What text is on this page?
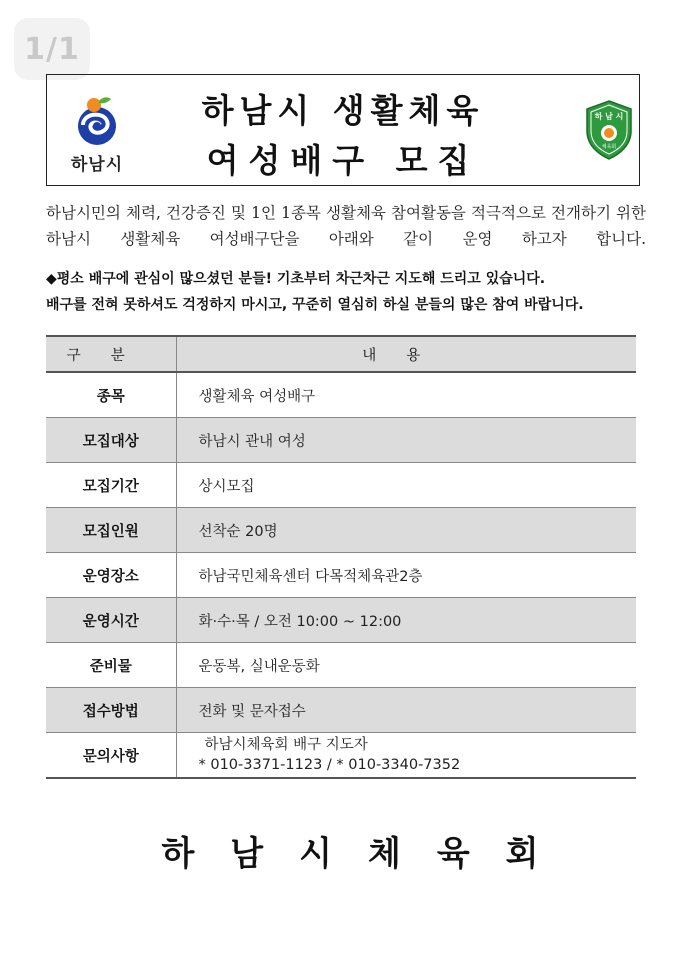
1/1
하남시
하남시 생활체육
여성배구 모집
하 남 시
체육회

하남시민의 체력, 건강증진 및 1인 1종목 생활체육 참여활동을 적극적으로 전개하기 위한 하남시 생활체육 여성배구단을 아래와 같이 운영 하고자 합니다.

◆평소 배구에 관심이 많으셨던 분들! 기초부터 차근차근 지도해 드리고 있습니다.

배구를 전혀 못하셔도 걱정하지 마시고, 꾸준히 열심히 하실 분들의 많은 참여 바랍니다.

구분	내용
종목	생활체육 여성배구
모집대상	하남시 관내 여성
모집기간	상시모집
모집인원	선착순 20명
운영장소	하남국민체육센터 다목적체육관2층
운영시간	화·수·목 / 오전 10:00 ~ 12:00
준비물	운동복, 실내운동화
접수방법	전화 및 문자접수
문의사항	하남시체육회 배구 지도자
* 010-3371-1123 / * 010-3340-7352
하남시체육회
